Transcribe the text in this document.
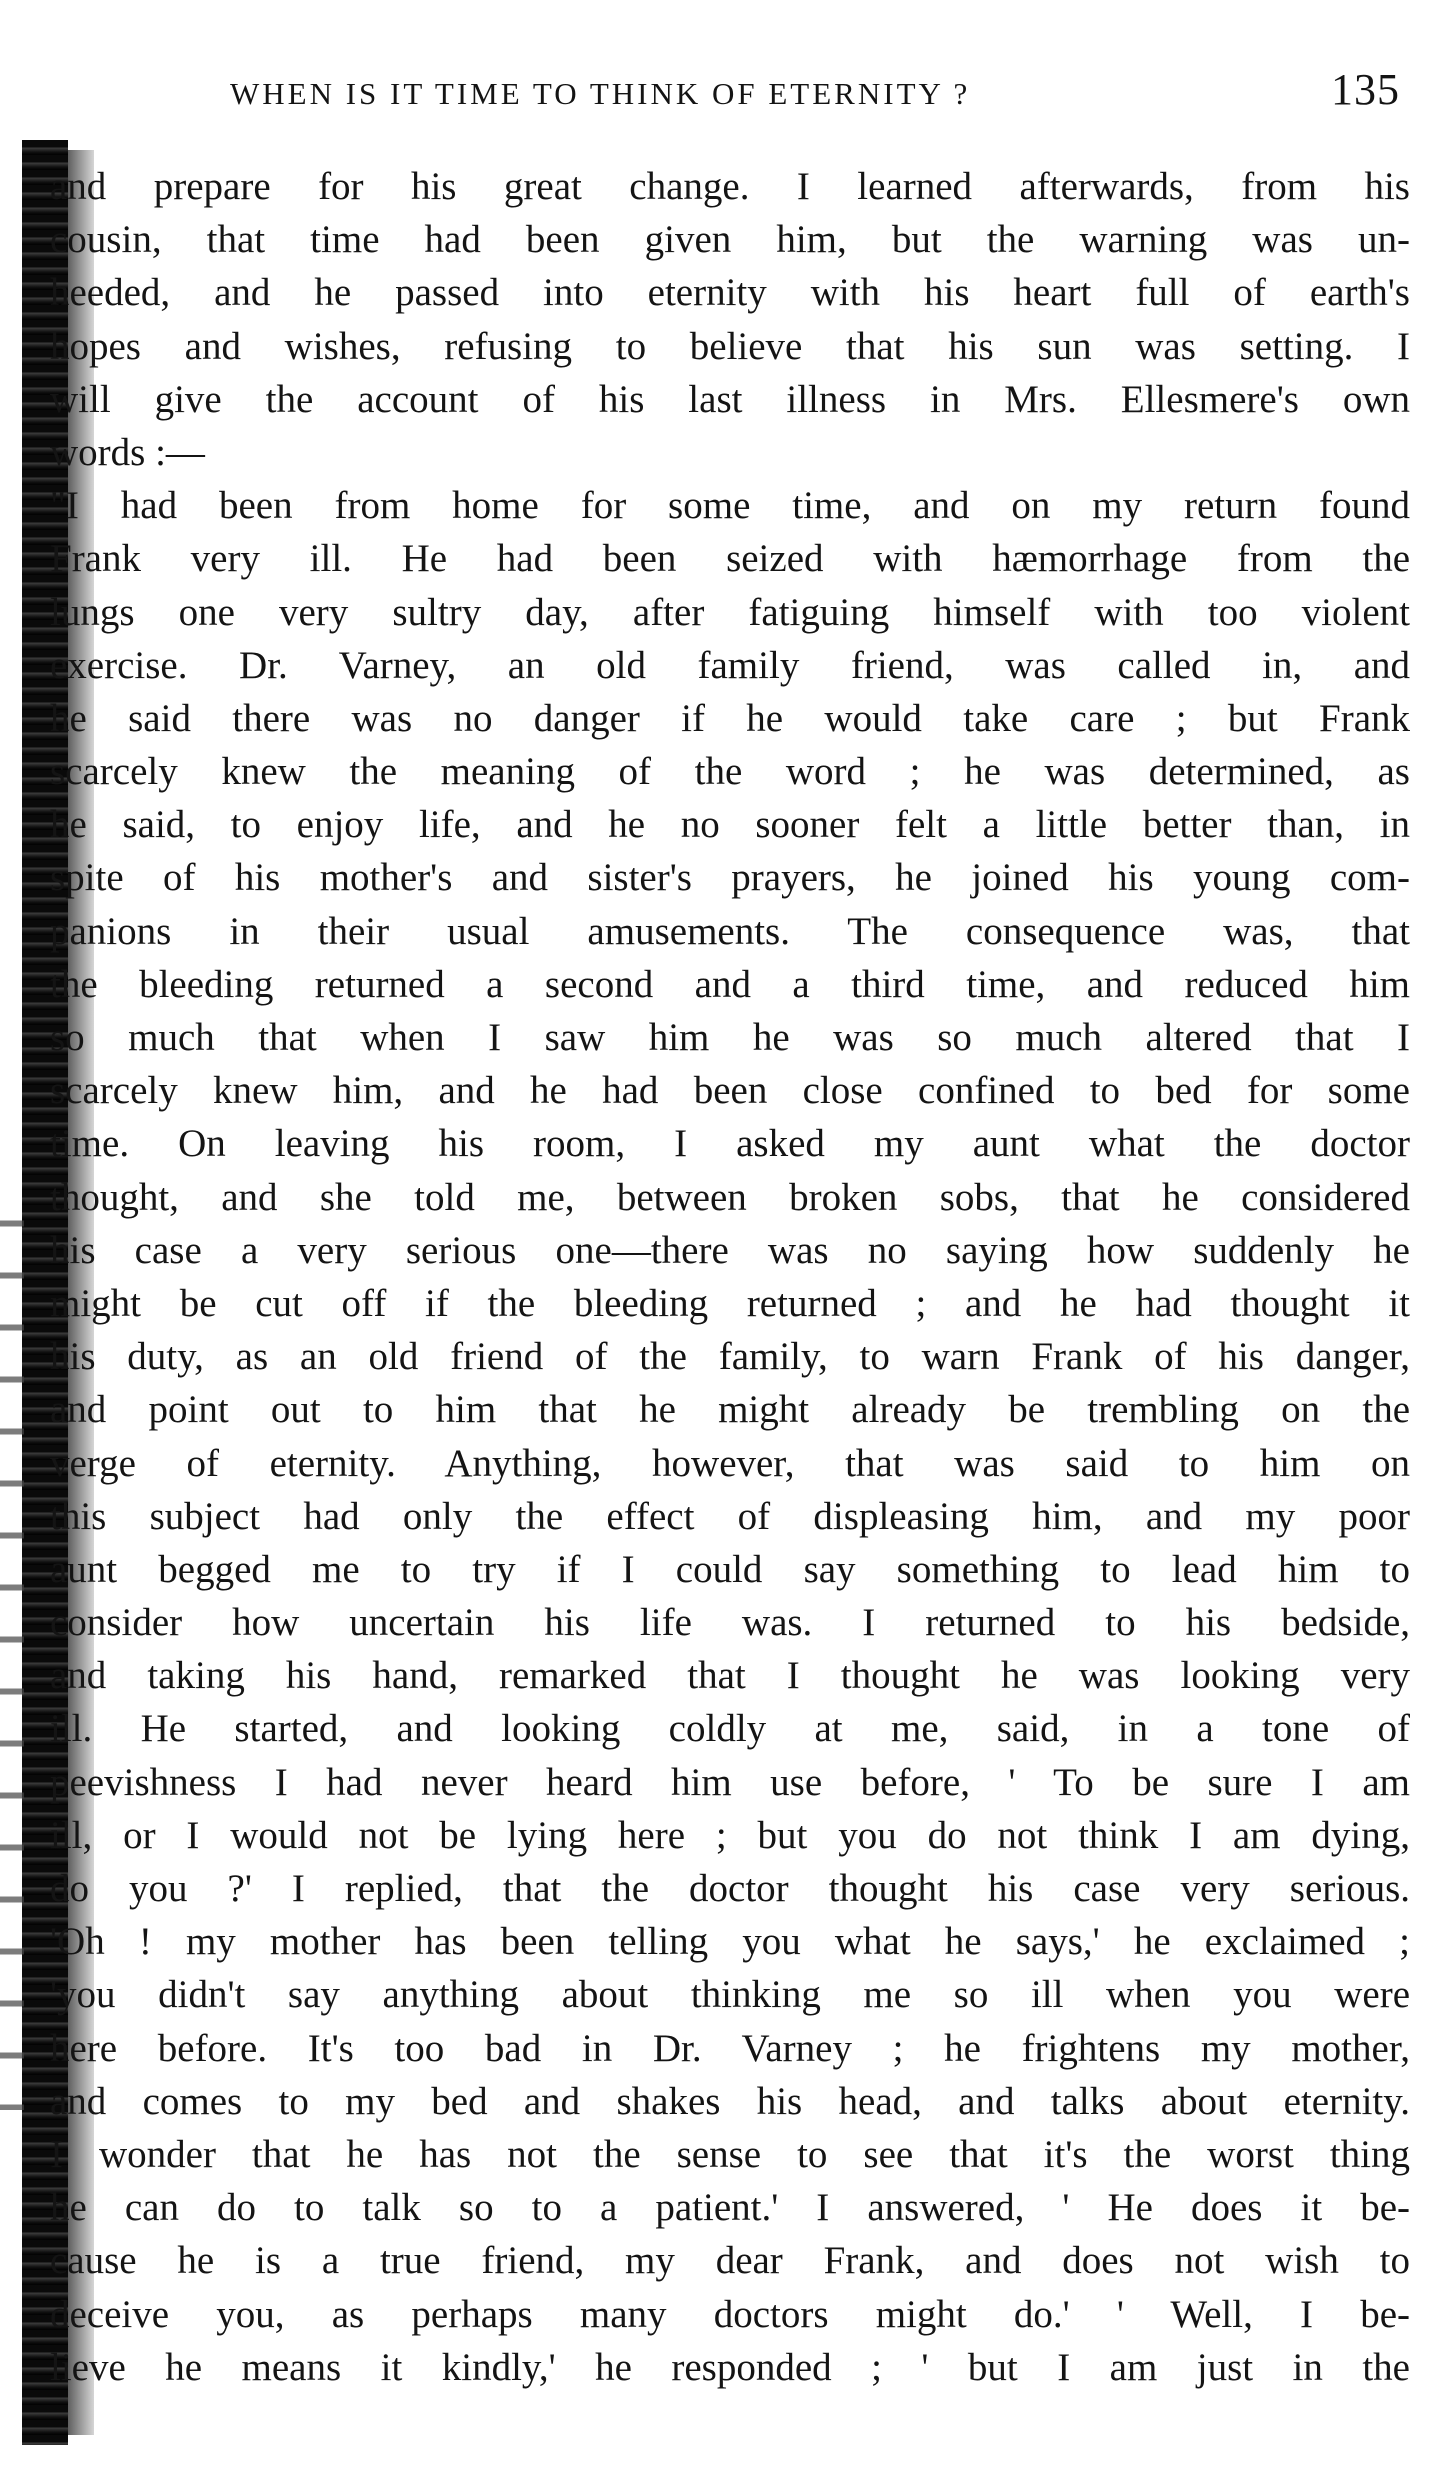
WHEN IS IT TIME TO THINK OF ETERNITY ?	135
and prepare for his great change. I learned afterwards, from his
cousin, that time had been given him, but the warning was un-
heeded, and he passed into eternity with his heart full of earth's
hopes and wishes, refusing to believe that his sun was setting. I
will give the account of his last illness in Mrs. Ellesmere's own
words :—
"I had been from home for some time, and on my return found
Frank very ill. He had been seized with hæmorrhage from the
lungs one very sultry day, after fatiguing himself with too violent
exercise. Dr. Varney, an old family friend, was called in, and
he said there was no danger if he would take care ; but Frank
scarcely knew the meaning of the word ; he was determined, as
he said, to enjoy life, and he no sooner felt a little better than, in
spite of his mother's and sister's prayers, he joined his young com-
panions in their usual amusements. The consequence was, that
the bleeding returned a second and a third time, and reduced him
so much that when I saw him he was so much altered that I
scarcely knew him, and he had been close confined to bed for some
time. On leaving his room, I asked my aunt what the doctor
thought, and she told me, between broken sobs, that he considered
his case a very serious one—there was no saying how suddenly he
might be cut off if the bleeding returned ; and he had thought it
his duty, as an old friend of the family, to warn Frank of his danger,
and point out to him that he might already be trembling on the
verge of eternity. Anything, however, that was said to him on
this subject had only the effect of displeasing him, and my poor
aunt begged me to try if I could say something to lead him to
consider how uncertain his life was. I returned to his bedside,
and taking his hand, remarked that I thought he was looking very
ill. He started, and looking coldly at me, said, in a tone of
peevishness I had never heard him use before, ' To be sure I am
ill, or I would not be lying here ; but you do not think I am dying,
do you ?' I replied, that the doctor thought his case very serious.
'Oh ! my mother has been telling you what he says,' he exclaimed ;
'you didn't say anything about thinking me so ill when you were
here before. It's too bad in Dr. Varney ; he frightens my mother,
and comes to my bed and shakes his head, and talks about eternity.
I wonder that he has not the sense to see that it's the worst thing
he can do to talk so to a patient.' I answered, ' He does it be-
cause he is a true friend, my dear Frank, and does not wish to
deceive you, as perhaps many doctors might do.' ' Well, I be-
lieve he means it kindly,' he responded ; ' but I am just in the
